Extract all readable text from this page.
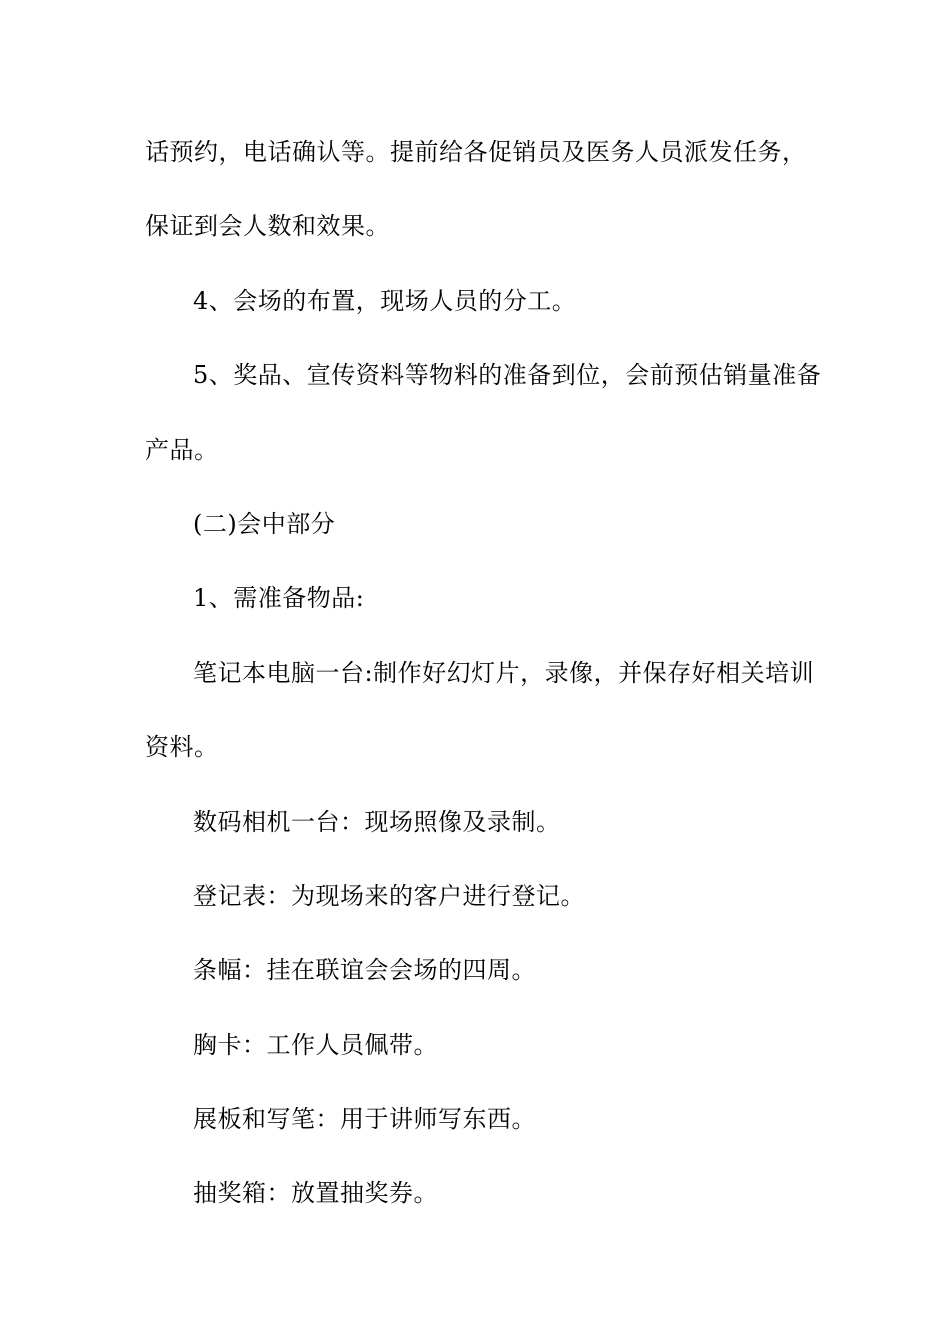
话预约，电话确认等。提前给各促销员及医务人员派发任务，
保证到会人数和效果。
4、会场的布置，现场人员的分工。
5、奖品、宣传资料等物料的准备到位，会前预估销量准备
产品。
(二)会中部分
1、需准备物品:
笔记本电脑一台:制作好幻灯片，录像，并保存好相关培训
资料。
数码相机一台：现场照像及录制。
登记表：为现场来的客户进行登记。
条幅：挂在联谊会会场的四周。
胸卡：工作人员佩带。
展板和写笔：用于讲师写东西。
抽奖箱：放置抽奖券。
